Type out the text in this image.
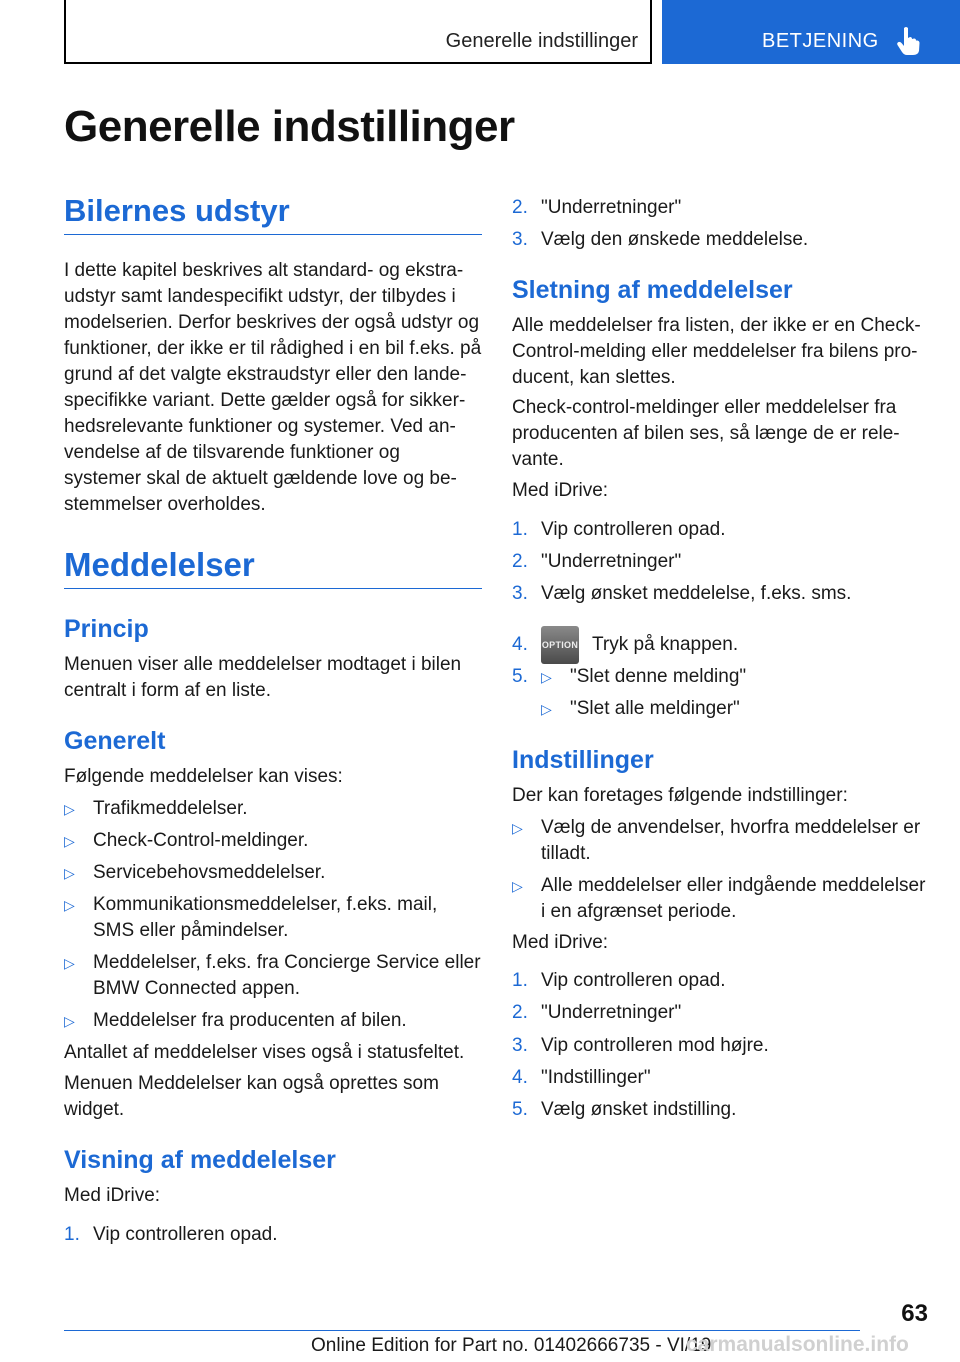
Generelle indstillinger	BETJENING
Generelle indstillinger
Bilernes udstyr
I dette kapitel beskrives alt standard- og ekstra-
udstyr samt landespecifikt udstyr, der tilbydes i
modelserien. Derfor beskrives der også udstyr og
funktioner, der ikke er til rådighed i en bil f.eks. på
grund af det valgte ekstraudstyr eller den lande-
specifikke variant. Dette gælder også for sikker-
hedsrelevante funktioner og systemer. Ved an-
vendelse af de tilsvarende funktioner og
systemer skal de aktuelt gældende love og be-
stemmelser overholdes.
Meddelelser
Princip
Menuen viser alle meddelelser modtaget i bilen
centralt i form af en liste.
Generelt
Følgende meddelelser kan vises:
▷ Trafikmeddelelser.
▷ Check-Control-meldinger.
▷ Servicebehovsmeddelelser.
▷ Kommunikationsmeddelelser, f.eks. mail,
SMS eller påmindelser.
▷ Meddelelser, f.eks. fra Concierge Service eller
BMW Connected appen.
▷ Meddelelser fra producenten af bilen.
Antallet af meddelelser vises også i statusfeltet.
Menuen Meddelelser kan også oprettes som
widget.
Visning af meddelelser
Med iDrive:
1. Vip controlleren opad.
2. "Underretninger"
3. Vælg den ønskede meddelelse.
Sletning af meddelelser
Alle meddelelser fra listen, der ikke er en Check-
Control-melding eller meddelelser fra bilens pro-
ducent, kan slettes.
Check-control-meldinger eller meddelelser fra
producenten af bilen ses, så længe de er rele-
vante.
Med iDrive:
1. Vip controlleren opad.
2. "Underretninger"
3. Vælg ønsket meddelelse, f.eks. sms.
4. OPTION Tryk på knappen.
5. ▷ "Slet denne melding"
▷ "Slet alle meldinger"
Indstillinger
Der kan foretages følgende indstillinger:
▷ Vælg de anvendelser, hvorfra meddelelser er
tilladt.
▷ Alle meddelelser eller indgående meddelelser
i en afgrænset periode.
Med iDrive:
1. Vip controlleren opad.
2. "Underretninger"
3. Vip controlleren mod højre.
4. "Indstillinger"
5. Vælg ønsket indstilling.
63
Online Edition for Part no. 01402666735 - VI/19
carmanualsonline.info
